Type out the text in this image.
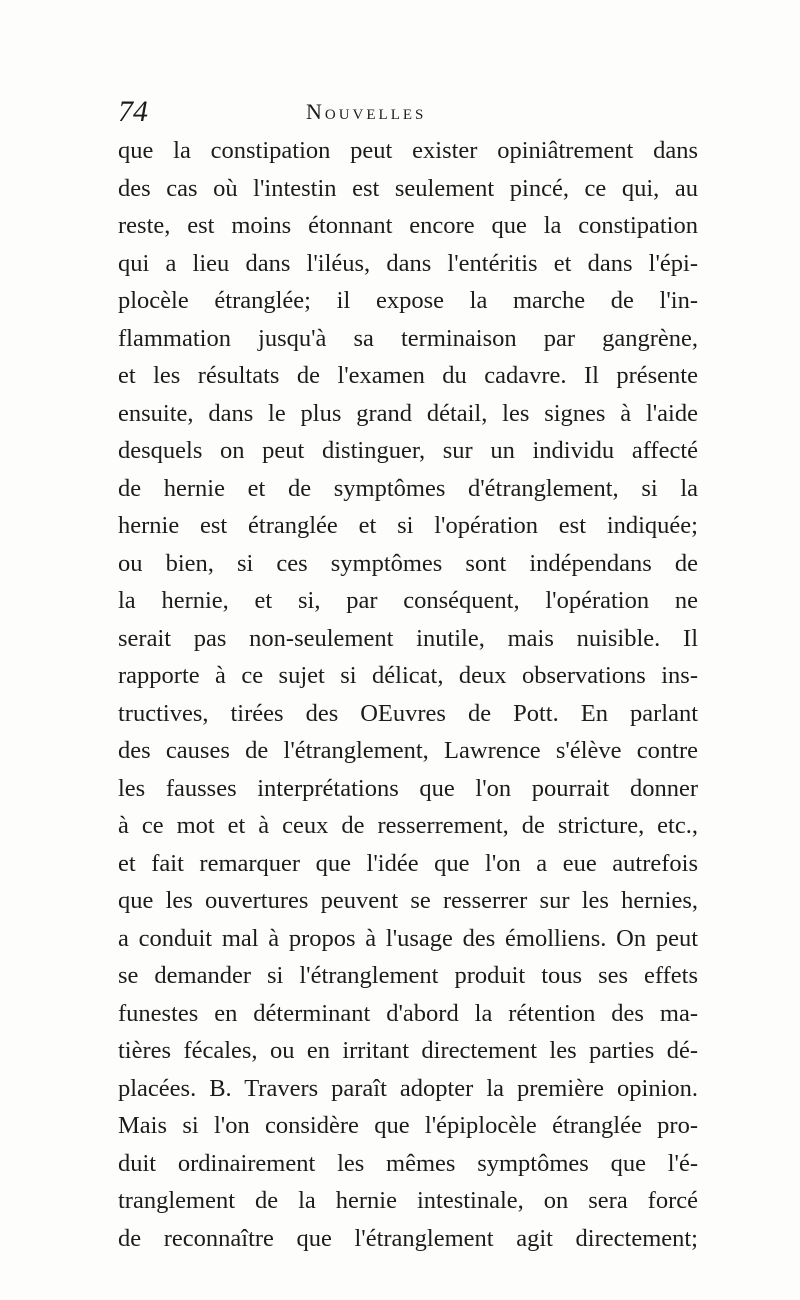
74	Nouvelles
que la constipation peut exister opiniâtrement dans
des cas où l'intestin est seulement pincé, ce qui, au
reste, est moins étonnant encore que la constipation
qui a lieu dans l'iléus, dans l'entéritis et dans l'épi-
plocèle étranglée; il expose la marche de l'in-
flammation jusqu'à sa terminaison par gangrène,
et les résultats de l'examen du cadavre. Il présente
ensuite, dans le plus grand détail, les signes à l'aide
desquels on peut distinguer, sur un individu affecté
de hernie et de symptômes d'étranglement, si la
hernie est étranglée et si l'opération est indiquée;
ou bien, si ces symptômes sont indépendans de
la hernie, et si, par conséquent, l'opération ne
serait pas non-seulement inutile, mais nuisible. Il
rapporte à ce sujet si délicat, deux observations ins-
tructives, tirées des OEuvres de Pott. En parlant
des causes de l'étranglement, Lawrence s'élève contre
les fausses interprétations que l'on pourrait donner
à ce mot et à ceux de resserrement, de stricture, etc.,
et fait remarquer que l'idée que l'on a eue autrefois
que les ouvertures peuvent se resserrer sur les hernies,
a conduit mal à propos à l'usage des émolliens. On peut
se demander si l'étranglement produit tous ses effets
funestes en déterminant d'abord la rétention des ma-
tières fécales, ou en irritant directement les parties dé-
placées. B. Travers paraît adopter la première opinion.
Mais si l'on considère que l'épiplocèle étranglée pro-
duit ordinairement les mêmes symptômes que l'é-
tranglement de la hernie intestinale, on sera forcé
de reconnaître que l'étranglement agit directement;
